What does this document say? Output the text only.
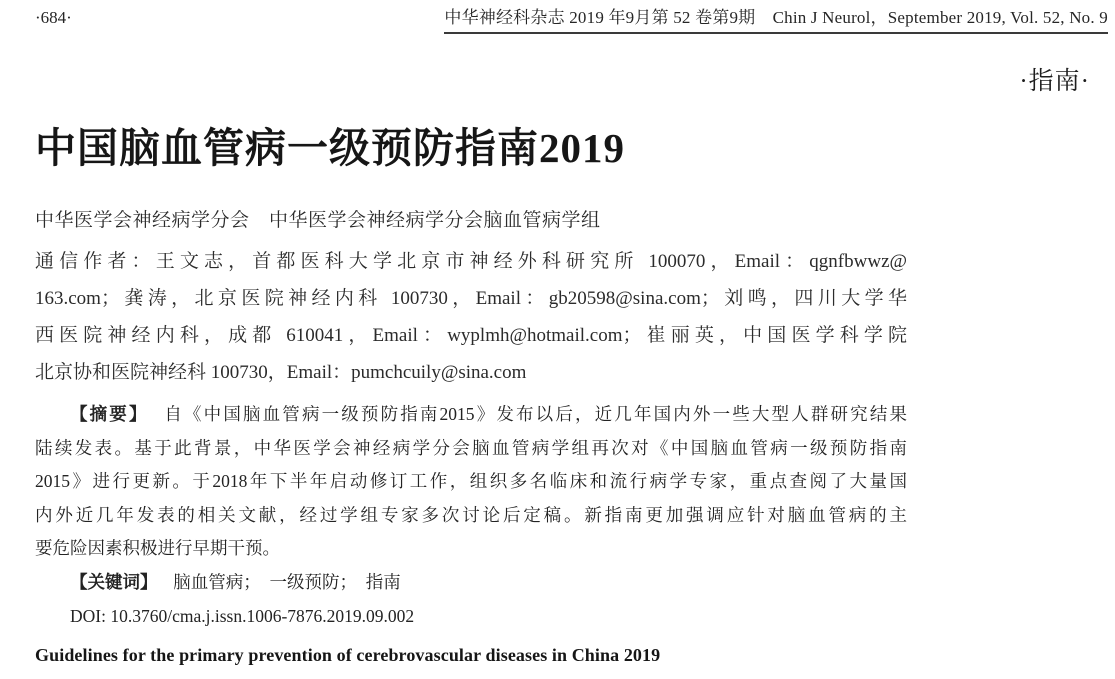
·684·	中华神经科杂志 2019 年9月第 52 卷第9期　Chin J Neurol，September 2019, Vol. 52, No. 9
·指南·
中国脑血管病一级预防指南2019
中华医学会神经病学分会　中华医学会神经病学分会脑血管病学组
通信作者：王文志，首都医科大学北京市神经外科研究所 100070，Email：qgnfbwwz@
163.com；龚涛，北京医院神经内科 100730，Email：gb20598@sina.com；刘鸣，四川大学华
西医院神经内科，成都 610041，Email：wyplmh@hotmail.com；崔丽英，中国医学科学院
北京协和医院神经科 100730，Email：pumchcuily@sina.com
【摘要】 自《中国脑血管病一级预防指南2015》发布以后，近几年国内外一些大型人群研究结果
陆续发表。基于此背景，中华医学会神经病学分会脑血管病学组再次对《中国脑血管病一级预防指南
2015》进行更新。于2018年下半年启动修订工作，组织多名临床和流行病学专家，重点查阅了大量国
内外近几年发表的相关文献，经过学组专家多次讨论后定稿。新指南更加强调应针对脑血管病的主
要危险因素积极进行早期干预。
【关键词】 脑血管病；　一级预防；　指南
DOI: 10.3760/cma.j.issn.1006-7876.2019.09.002
Guidelines for the primary prevention of cerebrovascular diseases in China 2019
